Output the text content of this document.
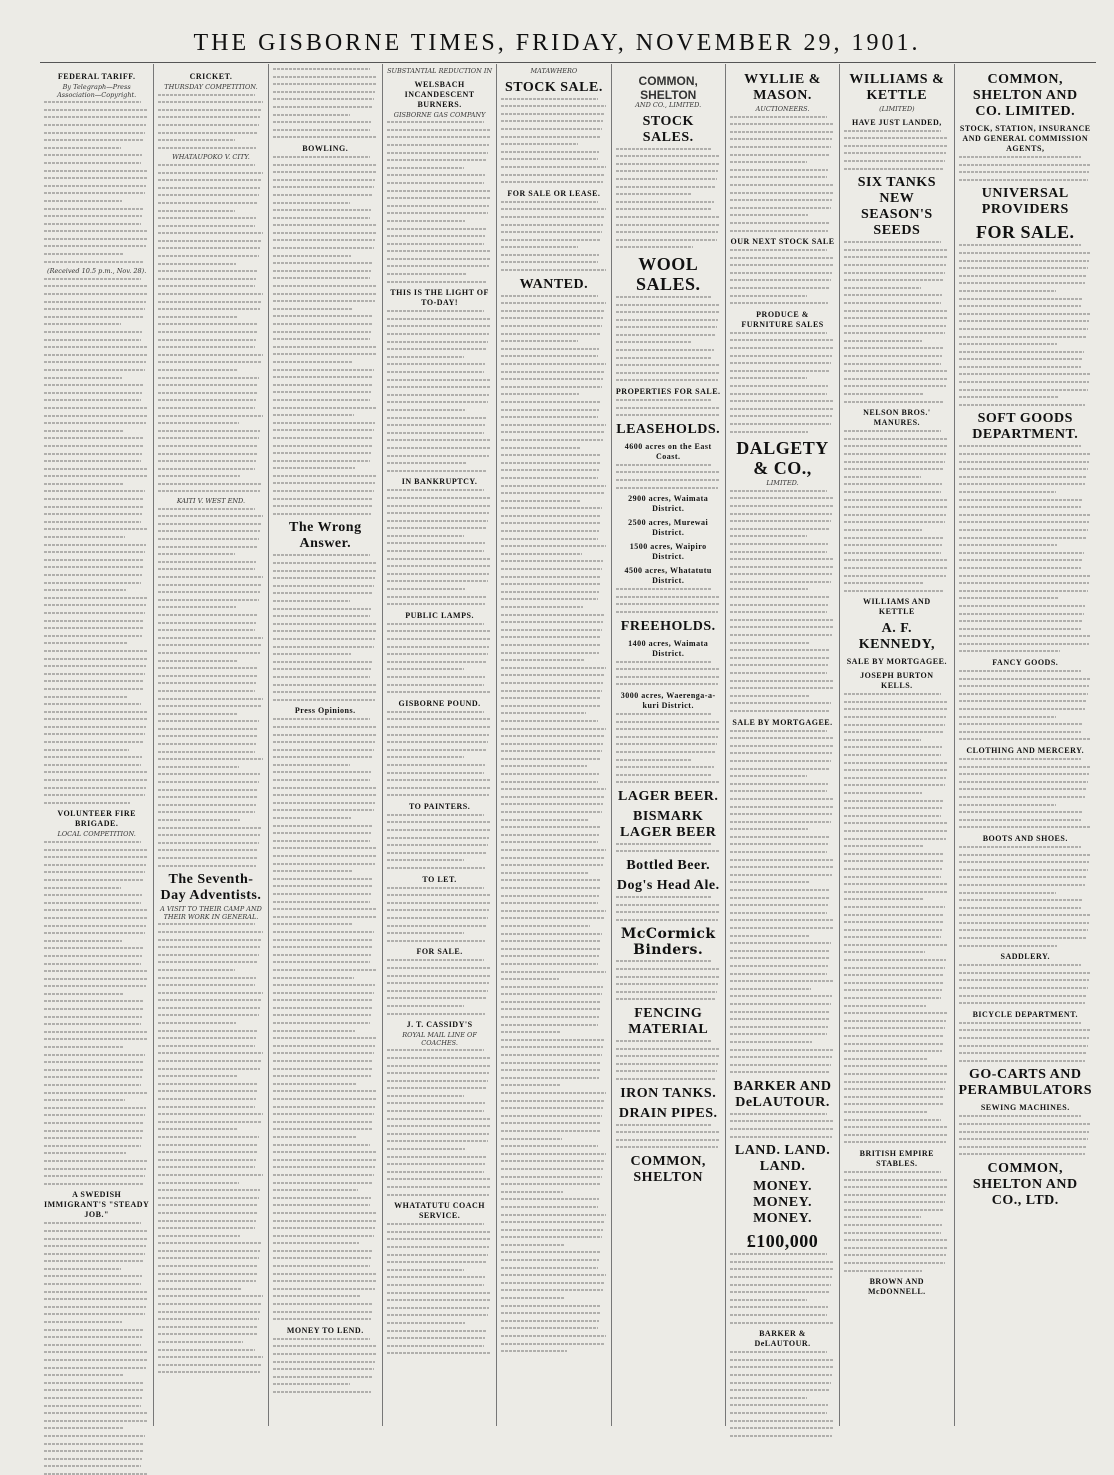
THE GISBORNE TIMES, FRIDAY, NOVEMBER 29, 1901.
FEDERAL TARIFF.
By Telegraph—Press Association—Copyright.
(Received 10.5 p.m., Nov. 28).
VOLUNTEER FIRE BRIGADE.
LOCAL COMPETITION.
A SWEDISH IMMIGRANT'S "STEADY JOB."
CRICKET.
THURSDAY COMPETITION.
WHATAUPOKO V. CITY.
KAITI V. WEST END.
The Seventh-Day Adventists.
A VISIT TO THEIR CAMP AND THEIR WORK IN GENERAL.
BOWLING.
The Wrong Answer.
Press Opinions.
MONEY TO LEND.
SUBSTANTIAL REDUCTION IN
WELSBACH INCANDESCENT BURNERS.
GISBORNE GAS COMPANY
THIS IS THE LIGHT OF TO-DAY!
IN BANKRUPTCY.
PUBLIC LAMPS.
GISBORNE POUND.
TO PAINTERS.
TO LET.
FOR SALE.
J. T. CASSIDY'S
ROYAL MAIL LINE OF COACHES.
WHATATUTU COACH SERVICE.
MATAWHERO
STOCK SALE.
FOR SALE OR LEASE.
WANTED.
COMMON, SHELTON
AND CO., LIMITED.
STOCK SALES.
WOOL SALES.
PROPERTIES FOR SALE.
LEASEHOLDS.
4600 acres on the East Coast.
2900 acres, Waimata District.
2500 acres, Murewai District.
1500 acres, Waipiro District.
4500 acres, Whatatutu District.
FREEHOLDS.
1400 acres, Waimata District.
3000 acres, Waerenga-a-kuri District.
LAGER BEER.
BISMARK LAGER BEER
Bottled Beer.
Dog's Head Ale.
McCormick Binders.
FENCING MATERIAL
IRON TANKS.
DRAIN PIPES.
COMMON, SHELTON
WYLLIE & MASON.
AUCTIONEERS.
OUR NEXT STOCK SALE
PRODUCE & FURNITURE SALES
DALGETY & CO.,
LIMITED.
SALE BY MORTGAGEE.
BARKER AND DeLAUTOUR.
LAND. LAND. LAND.
MONEY. MONEY. MONEY.
£100,000
BARKER & DeLAUTOUR.
WILLIAMS & KETTLE
(LIMITED)
HAVE JUST LANDED,
SIX TANKS NEW SEASON'S SEEDS
NELSON BROS.' MANURES.
WILLIAMS AND KETTLE
A. F. KENNEDY,
SALE BY MORTGAGEE.
JOSEPH BURTON KELLS.
BRITISH EMPIRE STABLES.
BROWN AND McDONNELL.
COMMON, SHELTON AND CO. LIMITED.
STOCK, STATION, INSURANCE AND GENERAL COMMISSION AGENTS,
UNIVERSAL PROVIDERS
FOR SALE.
SOFT GOODS DEPARTMENT.
FANCY GOODS.
CLOTHING AND MERCERY.
BOOTS AND SHOES.
SADDLERY.
BICYCLE DEPARTMENT.
GO-CARTS AND PERAMBULATORS
SEWING MACHINES.
COMMON, SHELTON AND CO., LTD.
